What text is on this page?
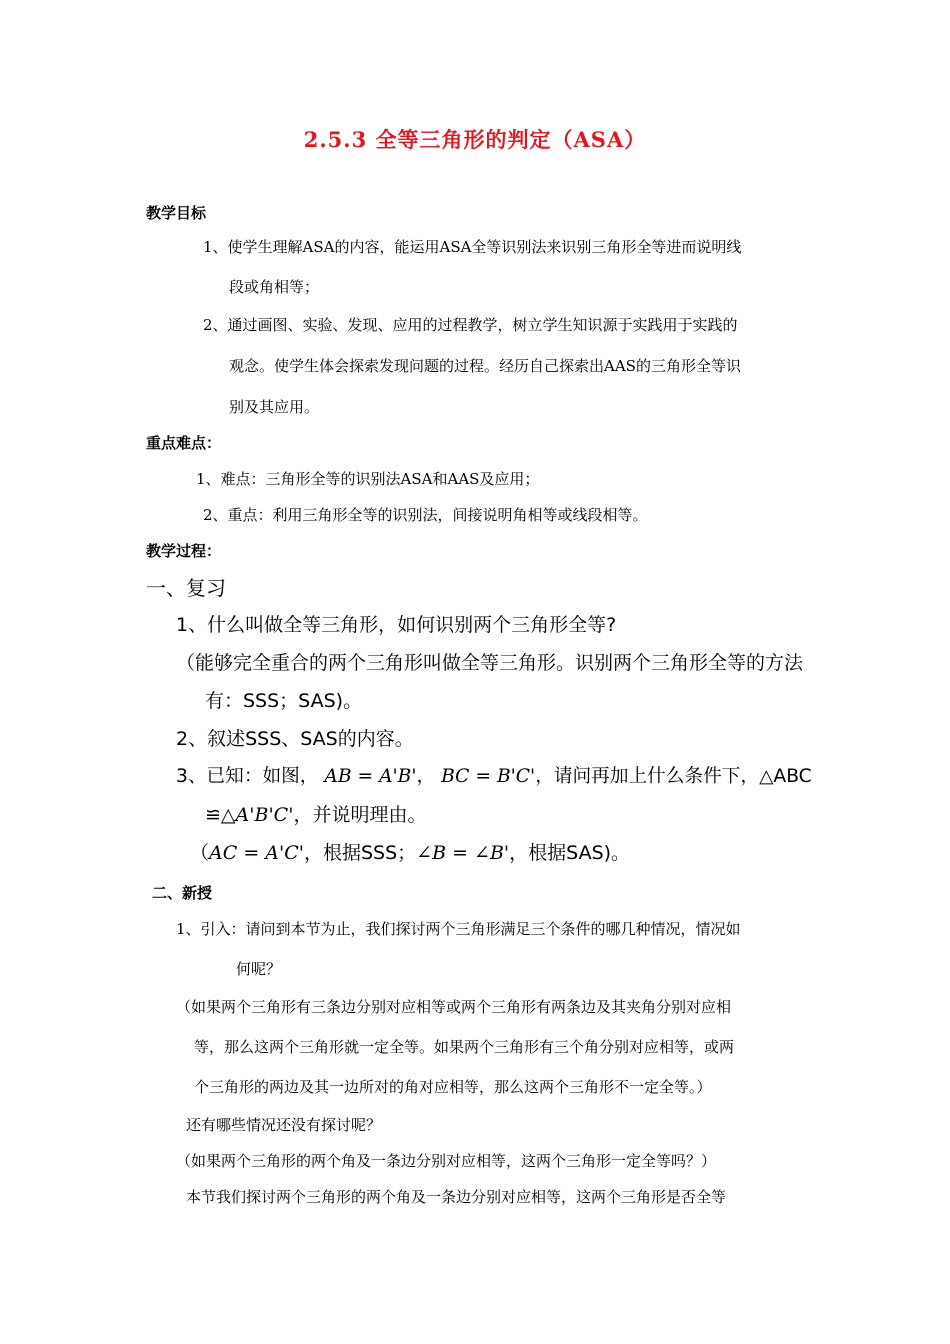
2.5.3 全等三角形的判定（ASA）
教学目标
1、使学生理解ASA的内容，能运用ASA全等识别法来识别三角形全等进而说明线
段或角相等；
2、通过画图、实验、发现、应用的过程教学，树立学生知识源于实践用于实践的
观念。使学生体会探索发现问题的过程。经历自己探索出AAS的三角形全等识
别及其应用。
重点难点：
1、难点：三角形全等的识别法ASA和AAS及应用；
2、重点：利用三角形全等的识别法，间接说明角相等或线段相等。
教学过程：
一、复习
1、什么叫做全等三角形，如何识别两个三角形全等?
（能够完全重合的两个三角形叫做全等三角形。识别两个三角形全等的方法
有：SSS；SAS)。
2、叙述SSS、SAS的内容。
3、已知：如图， AB = A'B'， BC = B'C'，请问再加上什么条件下，△ABC
≌△A'B'C'，并说明理由。
（AC = A'C'，根据SSS；∠B = ∠B'，根据SAS)。
二、新授
1、引入：请问到本节为止，我们探讨两个三角形满足三个条件的哪几种情况，情况如
何呢？
（如果两个三角形有三条边分别对应相等或两个三角形有两条边及其夹角分别对应相
等，那么这两个三角形就一定全等。如果两个三角形有三个角分别对应相等，或两
个三角形的两边及其一边所对的角对应相等，那么这两个三角形不一定全等。）
还有哪些情况还没有探讨呢？
（如果两个三角形的两个角及一条边分别对应相等，这两个三角形一定全等吗？）
本节我们探讨两个三角形的两个角及一条边分别对应相等，这两个三角形是否全等
